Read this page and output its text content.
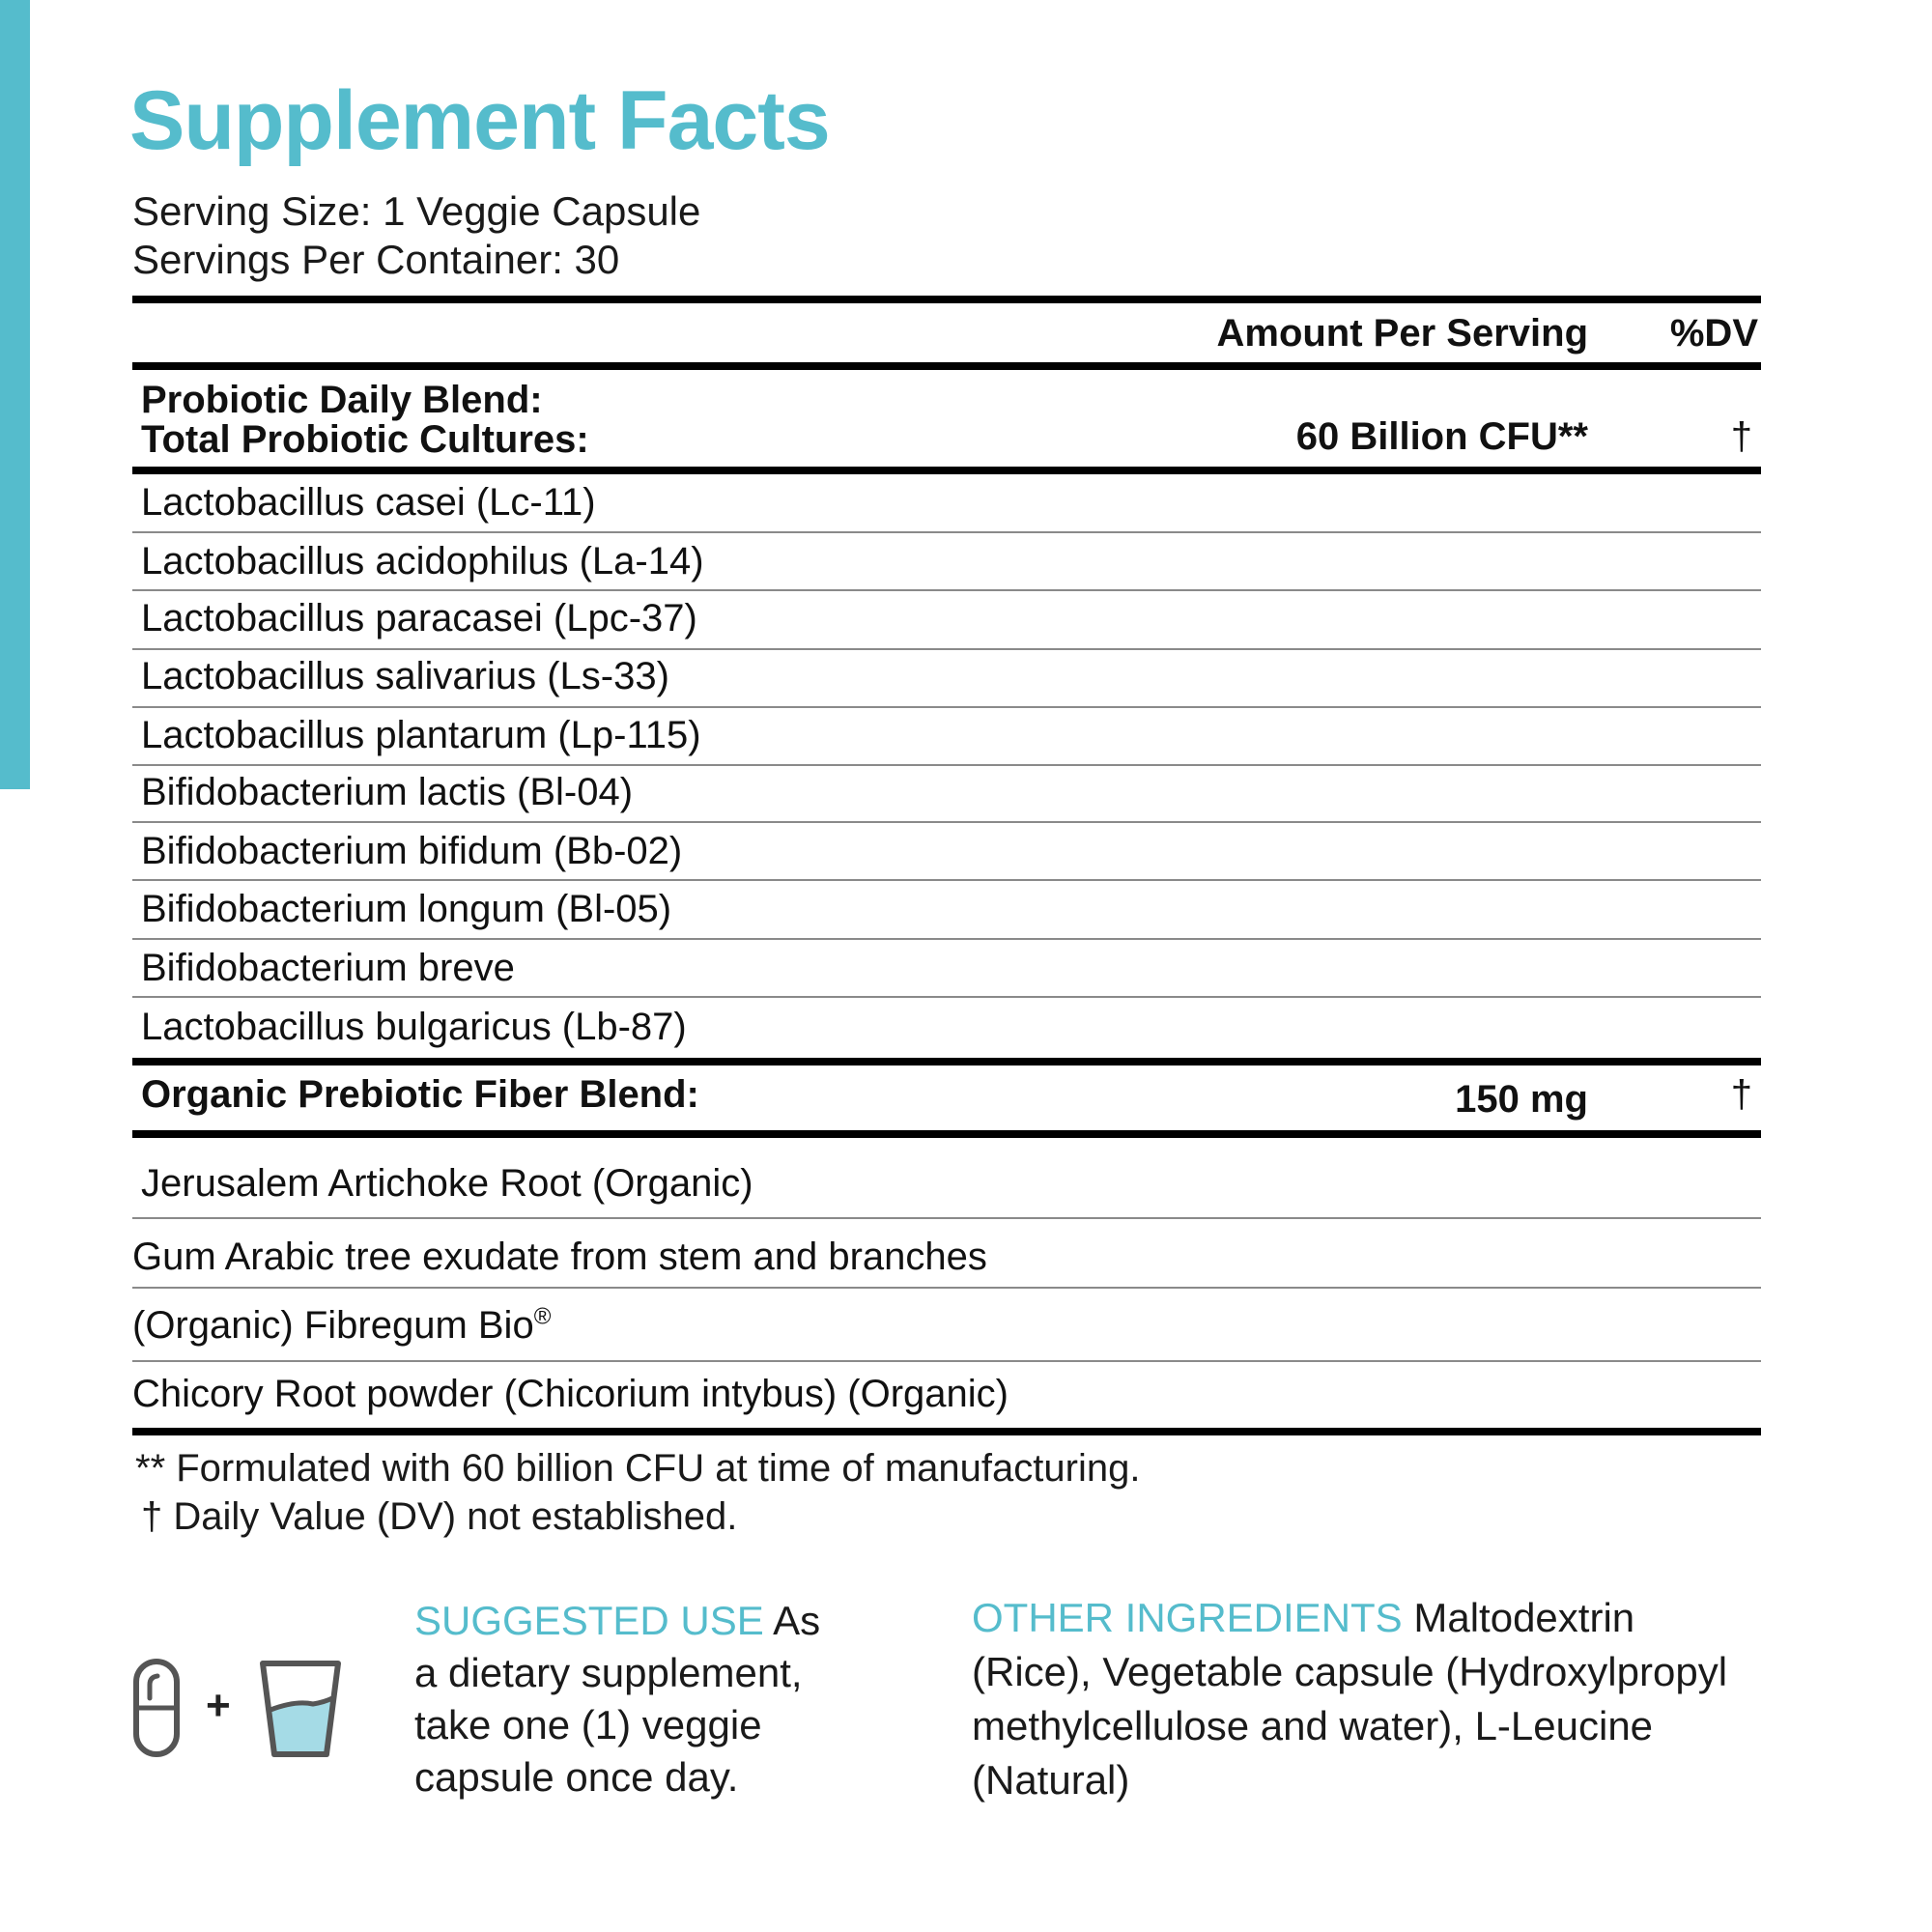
Supplement Facts
Serving Size: 1 Veggie Capsule
Servings Per Container: 30
Amount Per Serving %DV
Probiotic Daily Blend:
Total Probiotic Cultures:	60 Billion CFU**	†
Lactobacillus casei (Lc-11)
Lactobacillus acidophilus (La-14)
Lactobacillus paracasei (Lpc-37)
Lactobacillus salivarius (Ls-33)
Lactobacillus plantarum (Lp-115)
Bifidobacterium lactis (Bl-04)
Bifidobacterium bifidum (Bb-02)
Bifidobacterium longum (Bl-05)
Bifidobacterium breve
Lactobacillus bulgaricus (Lb-87)
Organic Prebiotic Fiber Blend:	150 mg	†
Jerusalem Artichoke Root (Organic)
Gum Arabic tree exudate from stem and branches
(Organic) Fibregum Bio®
Chicory Root powder (Chicorium intybus) (Organic)
** Formulated with 60 billion CFU at time of manufacturing.
† Daily Value (DV) not established.
+
SUGGESTED USE As
a dietary supplement,
take one (1) veggie
capsule once day.
OTHER INGREDIENTS Maltodextrin
(Rice), Vegetable capsule (Hydroxylpropyl
methylcellulose and water), L-Leucine
(Natural)
